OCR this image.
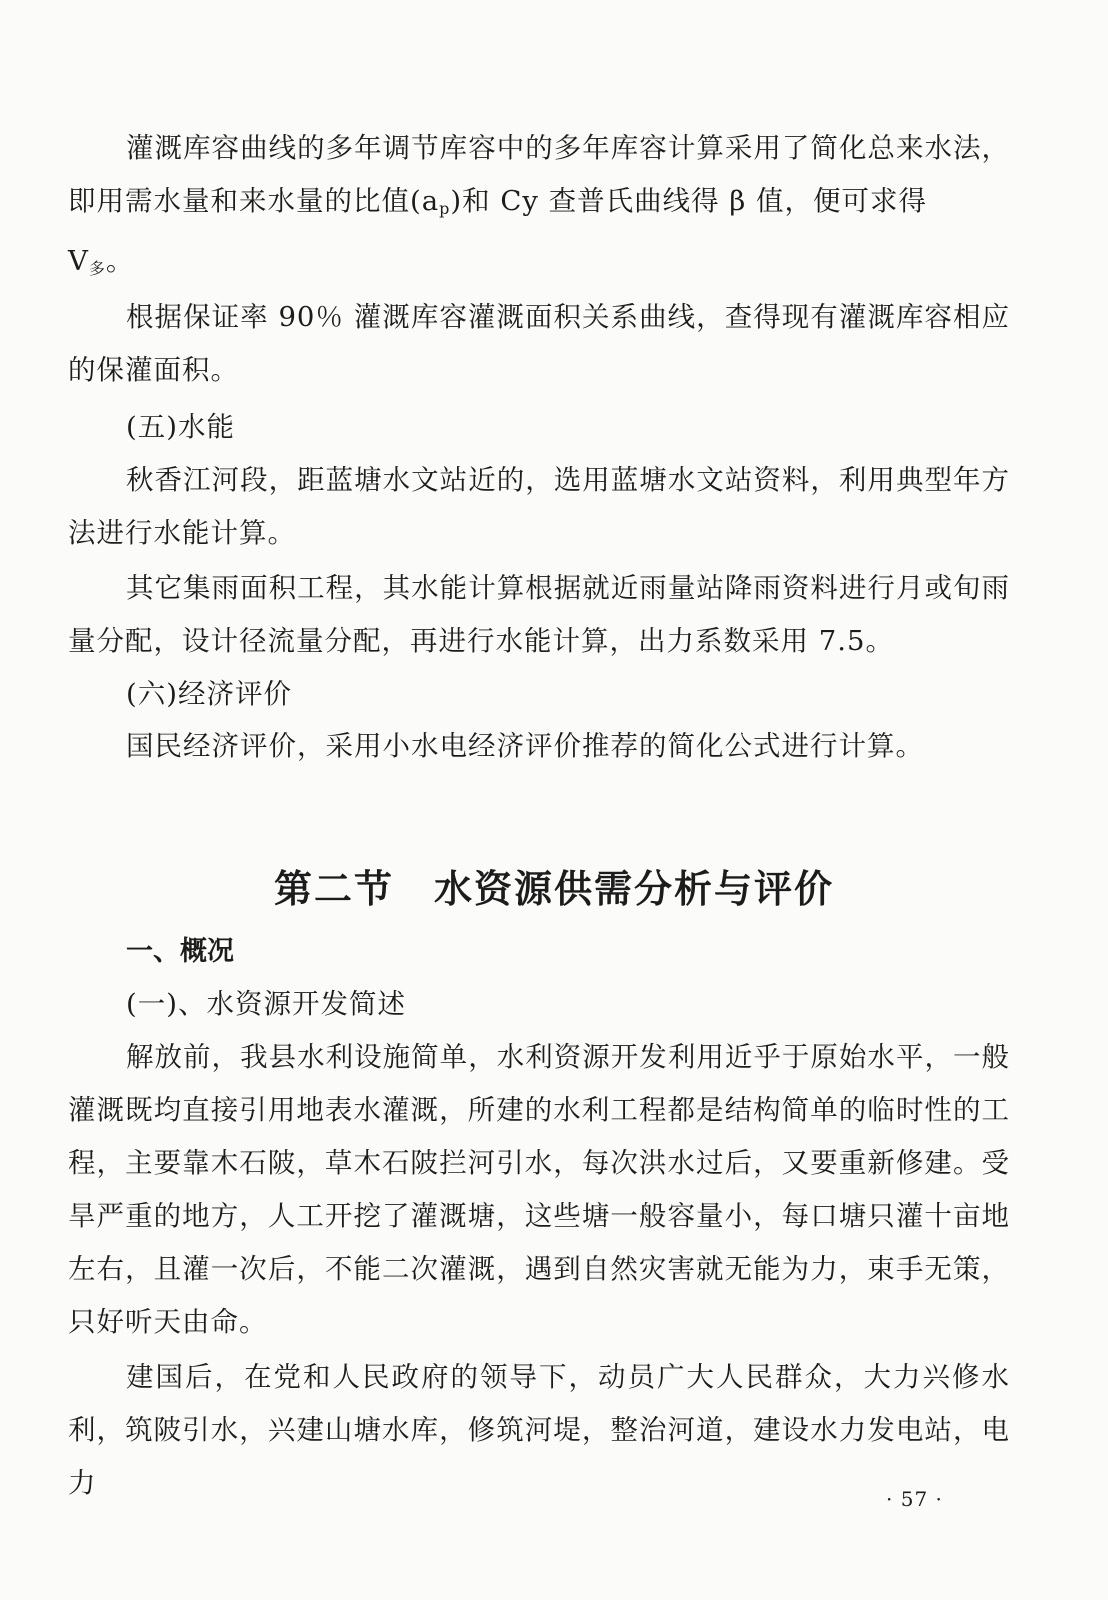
灌溉库容曲线的多年调节库容中的多年库容计算采用了简化总来水法，即用需水量和来水量的比值$(a_p)$和 Cy 查普氏曲线得 β 值，便可求得
$V_多$。

根据保证率 90％ 灌溉库容灌溉面积关系曲线，查得现有灌溉库容相应的保灌面积。

(五)水能

秋香江河段，距蓝塘水文站近的，选用蓝塘水文站资料，利用典型年方法进行水能计算。

其它集雨面积工程，其水能计算根据就近雨量站降雨资料进行月或旬雨量分配，设计径流量分配，再进行水能计算，出力系数采用 7.5。

(六)经济评价

国民经济评价，采用小水电经济评价推荐的简化公式进行计算。

第二节 水资源供需分析与评价
一、概况

(一)、水资源开发简述

解放前，我县水利设施简单，水利资源开发利用近乎于原始水平，一般灌溉既均直接引用地表水灌溉，所建的水利工程都是结构简单的临时性的工程，主要靠木石陂，草木石陂拦河引水，每次洪水过后，又要重新修建。受旱严重的地方，人工开挖了灌溉塘，这些塘一般容量小，每口塘只灌十亩地左右，且灌一次后，不能二次灌溉，遇到自然灾害就无能为力，束手无策，只好听天由命。

建国后，在党和人民政府的领导下，动员广大人民群众，大力兴修水利，筑陂引水，兴建山塘水库，修筑河堤，整治河道，建设水力发电站，电力	· 57 ·
